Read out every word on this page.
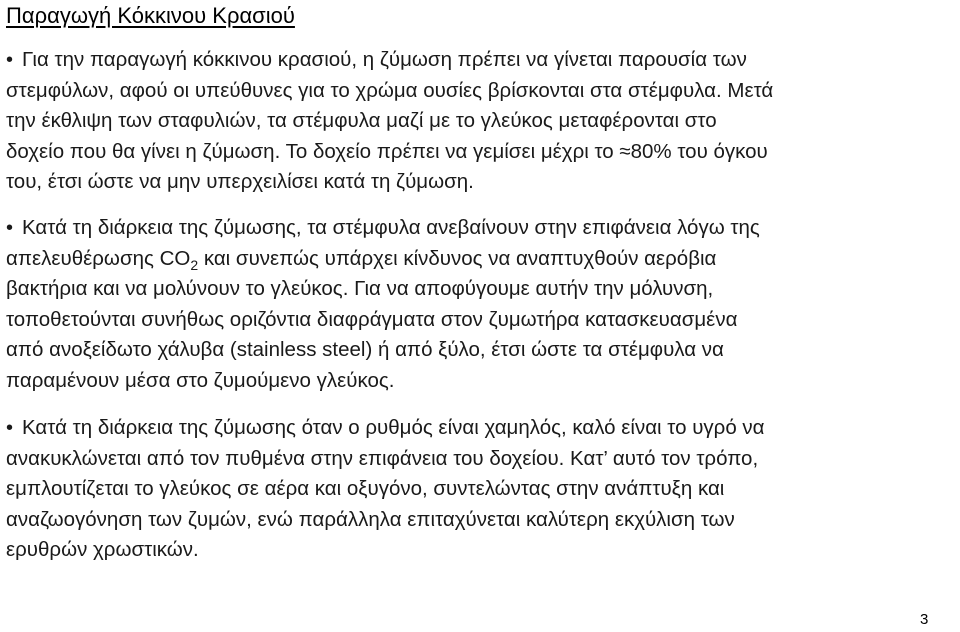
Παραγωγή Κόκκινου Κρασιού
• Για την παραγωγή κόκκινου κρασιού, η ζύμωση πρέπει να γίνεται παρουσία των
στεμφύλων, αφού οι υπεύθυνες για το χρώμα ουσίες βρίσκονται στα στέμφυλα. Μετά
την έκθλιψη των σταφυλιών, τα στέμφυλα μαζί με το γλεύκος μεταφέρονται στο
δοχείο που θα γίνει η ζύμωση. Το δοχείο πρέπει να γεμίσει μέχρι το ≈80% του όγκου
του, έτσι ώστε να μην υπερχειλίσει κατά τη ζύμωση.
• Κατά τη διάρκεια της ζύμωσης, τα στέμφυλα ανεβαίνουν στην επιφάνεια λόγω της
απελευθέρωσης $CO_2$ και συνεπώς υπάρχει κίνδυνος να αναπτυχθούν αερόβια
βακτήρια και να μολύνουν το γλεύκος. Για να αποφύγουμε αυτήν την μόλυνση,
τοποθετούνται συνήθως οριζόντια διαφράγματα στον ζυμωτήρα κατασκευασμένα
από ανοξείδωτο χάλυβα (stainless steel) ή από ξύλο, έτσι ώστε τα στέμφυλα να
παραμένουν μέσα στο ζυμούμενο γλεύκος.
• Κατά τη διάρκεια της ζύμωσης όταν ο ρυθμός είναι χαμηλός, καλό είναι το υγρό να
ανακυκλώνεται από τον πυθμένα στην επιφάνεια του δοχείου. Κατ’ αυτό τον τρόπο,
εμπλουτίζεται το γλεύκος σε αέρα και οξυγόνο, συντελώντας στην ανάπτυξη και
αναζωογόνηση των ζυμών, ενώ παράλληλα επιταχύνεται καλύτερη εκχύλιση των
ερυθρών χρωστικών.
3
